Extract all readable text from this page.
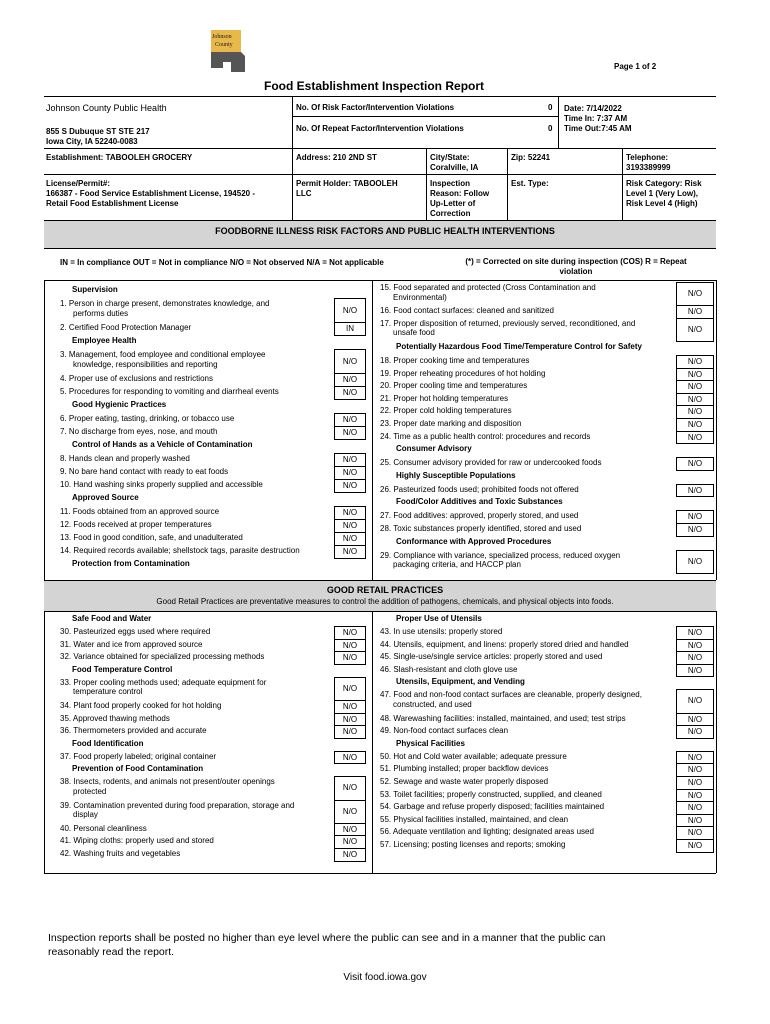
Johnson
County
Page 1 of 2
Food Establishment Inspection Report
Johnson County Public Health
855 S Dubuque ST STE 217
Iowa City, IA 52240-0083
No. Of Risk Factor/Intervention Violations	0
No. Of Repeat Factor/Intervention Violations	0
Date: 7/14/2022
Time In: 7:37 AM
Time Out:7:45 AM
Establishment: TABOOLEH GROCERY	Address: 210 2ND ST	City/State:
Coralville, IA
Zip: 52241	Telephone:
3193389999
License/Permit#:
166387 - Food Service Establishment License, 194520 -
Retail Food Establishment License
Permit Holder: TABOOLEH
LLC
Inspection
Reason: Follow
Up-Letter of
Correction
Est. Type:	Risk Category: Risk
Level 1 (Very Low),
Risk Level 4 (High)
FOODBORNE ILLNESS RISK FACTORS AND PUBLIC HEALTH INTERVENTIONS
IN = In compliance OUT = Not in compliance N/O = Not observed N/A = Not applicable	(*) = Corrected on site during inspection (COS) R = Repeat
violation
Supervision
1. Person in charge present, demonstrates knowledge, and
performs duties	N/O
2. Certified Food Protection Manager	IN
Employee Health
3. Management, food employee and conditional employee
knowledge, responsibilities and reporting	N/O
4. Proper use of exclusions and restrictions	N/O
5. Procedures for responding to vomiting and diarrheal events	N/O
Good Hygienic Practices
6. Proper eating, tasting, drinking, or tobacco use	N/O
7. No discharge from eyes, nose, and mouth	N/O
Control of Hands as a Vehicle of Contamination
8. Hands clean and properly washed	N/O
9. No bare hand contact with ready to eat foods	N/O
10. Hand washing sinks properly supplied and accessible	N/O
Approved Source
11. Foods obtained from an approved source	N/O
12. Foods received at proper temperatures	N/O
13. Food in good condition, safe, and unadulterated	N/O
14. Required records available; shellstock tags, parasite destruction	N/O
Protection from Contamination
15. Food separated and protected (Cross Contamination and
Environmental)	N/O
16. Food contact surfaces: cleaned and sanitized	N/O
17. Proper disposition of returned, previously served, reconditioned, and
unsafe food	N/O
Potentially Hazardous Food Time/Temperature Control for Safety
18. Proper cooking time and temperatures	N/O
19. Proper reheating procedures of hot holding	N/O
20. Proper cooling time and temperatures	N/O
21. Proper hot holding temperatures	N/O
22. Proper cold holding temperatures	N/O
23. Proper date marking and disposition	N/O
24. Time as a public health control: procedures and records	N/O
Consumer Advisory
25. Consumer advisory provided for raw or undercooked foods	N/O
Highly Susceptible Populations
26. Pasteurized foods used; prohibited foods not offered	N/O
Food/Color Additives and Toxic Substances
27. Food additives: approved, properly stored, and used	N/O
28. Toxic substances properly identified, stored and used	N/O
Conformance with Approved Procedures
29. Compliance with variance, specialized process, reduced oxygen
packaging criteria, and HACCP plan	N/O
GOOD RETAIL PRACTICES
Good Retail Practices are preventative measures to control the addition of pathogens, chemicals, and physical objects into foods.
Safe Food and Water
30. Pasteurized eggs used where required	N/O
31. Water and ice from approved source	N/O
32. Variance obtained for specialized processing methods	N/O
Food Temperature Control
33. Proper cooling methods used; adequate equipment for
temperature control	N/O
34. Plant food properly cooked for hot holding	N/O
35. Approved thawing methods	N/O
36. Thermometers provided and accurate	N/O
Food Identification
37. Food properly labeled; original container	N/O
Prevention of Food Contamination
38. Insects, rodents, and animals not present/outer openings
protected	N/O
39. Contamination prevented during food preparation, storage and
display	N/O
40. Personal cleanliness	N/O
41. Wiping cloths: properly used and stored	N/O
42. Washing fruits and vegetables	N/O
Proper Use of Utensils
43. In use utensils: properly stored	N/O
44. Utensils, equipment, and linens: properly stored dried and handled	N/O
45. Single-use/single service articles: properly stored and used	N/O
46. Slash-resistant and cloth glove use	N/O
Utensils, Equipment, and Vending
47. Food and non-food contact surfaces are cleanable, properly designed,
constructed, and used	N/O
48. Warewashing facilities: installed, maintained, and used; test strips	N/O
49. Non-food contact surfaces clean	N/O
Physical Facilities
50. Hot and Cold water available; adequate pressure	N/O
51. Plumbing installed; proper backflow devices	N/O
52. Sewage and waste water properly disposed	N/O
53. Toilet facilities; properly constructed, supplied, and cleaned	N/O
54. Garbage and refuse properly disposed; facilities maintained	N/O
55. Physical facilities installed, maintained, and clean	N/O
56. Adequate ventilation and lighting; designated areas used	N/O
57. Licensing; posting licenses and reports; smoking	N/O
Inspection reports shall be posted no higher than eye level where the public can see and in a manner that the public can
reasonably read the report.
Visit food.iowa.gov
